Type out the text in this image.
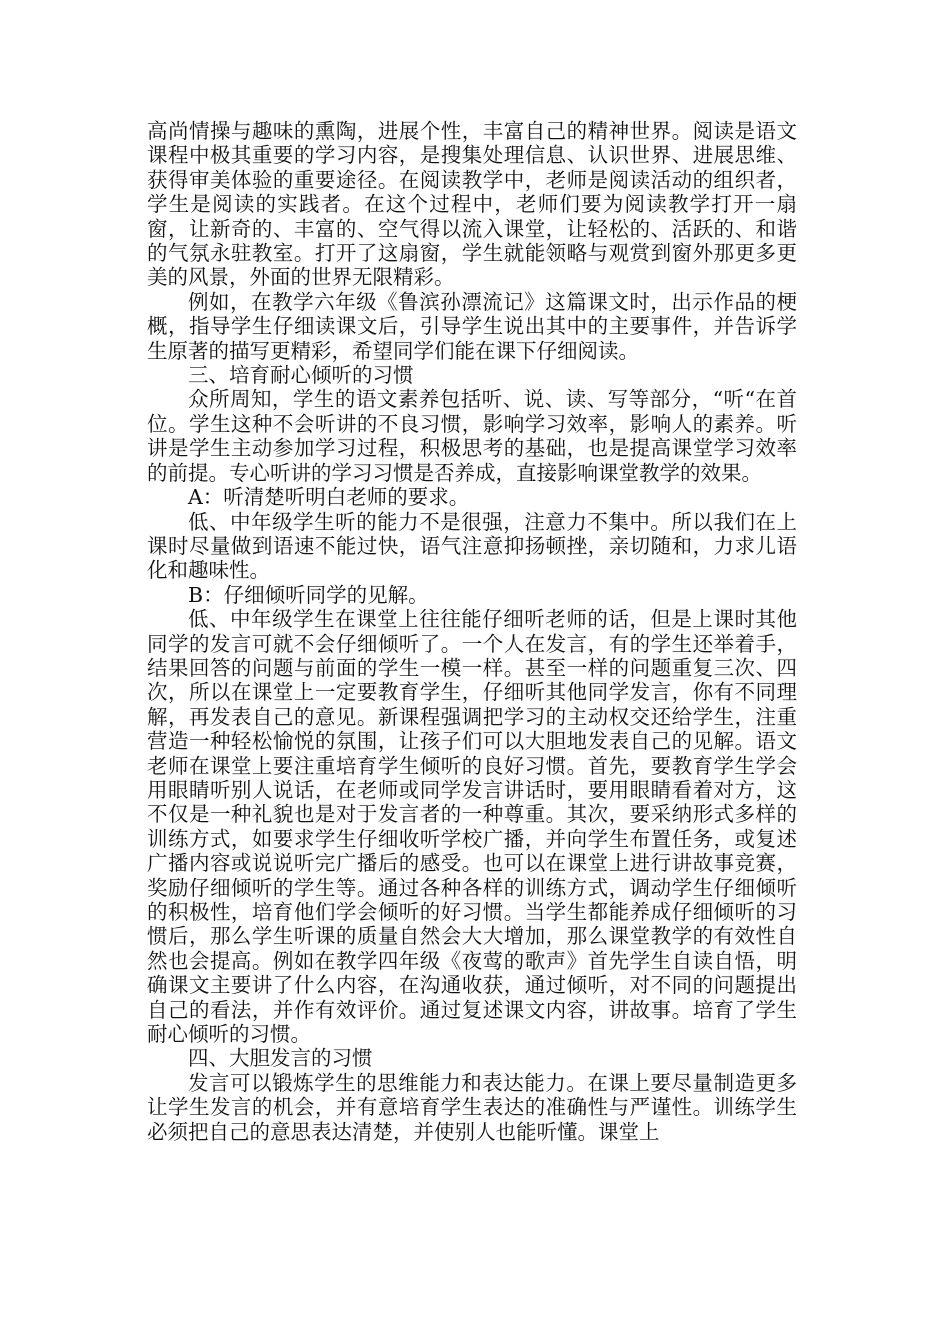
高尚情操与趣味的熏陶，进展个性，丰富自己的精神世界。阅读是语文课程中极其重要的学习内容，是搜集处理信息、认识世界、进展思维、获得审美体验的重要途径。在阅读教学中，老师是阅读活动的组织者，学生是阅读的实践者。在这个过程中，老师们要为阅读教学打开一扇窗，让新奇的、丰富的、空气得以流入课堂，让轻松的、活跃的、和谐的气氛永驻教室。打开了这扇窗，学生就能领略与观赏到窗外那更多更美的风景，外面的世界无限精彩。

例如，在教学六年级《鲁滨孙漂流记》这篇课文时，出示作品的梗概，指导学生仔细读课文后，引导学生说出其中的主要事件，并告诉学生原著的描写更精彩，希望同学们能在课下仔细阅读。

三、培育耐心倾听的习惯

众所周知，学生的语文素养包括听、说、读、写等部分，“听“在首位。学生这种不会听讲的不良习惯，影响学习效率，影响人的素养。听讲是学生主动参加学习过程，积极思考的基础，也是提高课堂学习效率的前提。专心听讲的学习习惯是否养成，直接影响课堂教学的效果。

A：听清楚听明白老师的要求。

低、中年级学生听的能力不是很强，注意力不集中。所以我们在上课时尽量做到语速不能过快，语气注意抑扬顿挫，亲切随和，力求儿语化和趣味性。

B：仔细倾听同学的见解。

低、中年级学生在课堂上往往能仔细听老师的话，但是上课时其他同学的发言可就不会仔细倾听了。一个人在发言，有的学生还举着手，结果回答的问题与前面的学生一模一样。甚至一样的问题重复三次、四次，所以在课堂上一定要教育学生，仔细听其他同学发言，你有不同理解，再发表自己的意见。新课程强调把学习的主动权交还给学生，注重营造一种轻松愉悦的氛围，让孩子们可以大胆地发表自己的见解。语文老师在课堂上要注重培育学生倾听的良好习惯。首先，要教育学生学会用眼睛听别人说话，在老师或同学发言讲话时，要用眼睛看着对方，这不仅是一种礼貌也是对于发言者的一种尊重。其次，要采纳形式多样的训练方式，如要求学生仔细收听学校广播，并向学生布置任务，或复述广播内容或说说听完广播后的感受。也可以在课堂上进行讲故事竞赛，奖励仔细倾听的学生等。通过各种各样的训练方式，调动学生仔细倾听的积极性，培育他们学会倾听的好习惯。当学生都能养成仔细倾听的习惯后，那么学生听课的质量自然会大大增加，那么课堂教学的有效性自然也会提高。例如在教学四年级《夜莺的歌声》首先学生自读自悟，明确课文主要讲了什么内容，在沟通收获，通过倾听，对不同的问题提出自己的看法，并作有效评价。通过复述课文内容，讲故事。培育了学生耐心倾听的习惯。

四、大胆发言的习惯

发言可以锻炼学生的思维能力和表达能力。在课上要尽量制造更多让学生发言的机会，并有意培育学生表达的准确性与严谨性。训练学生必须把自己的意思表达清楚，并使别人也能听懂。课堂上
